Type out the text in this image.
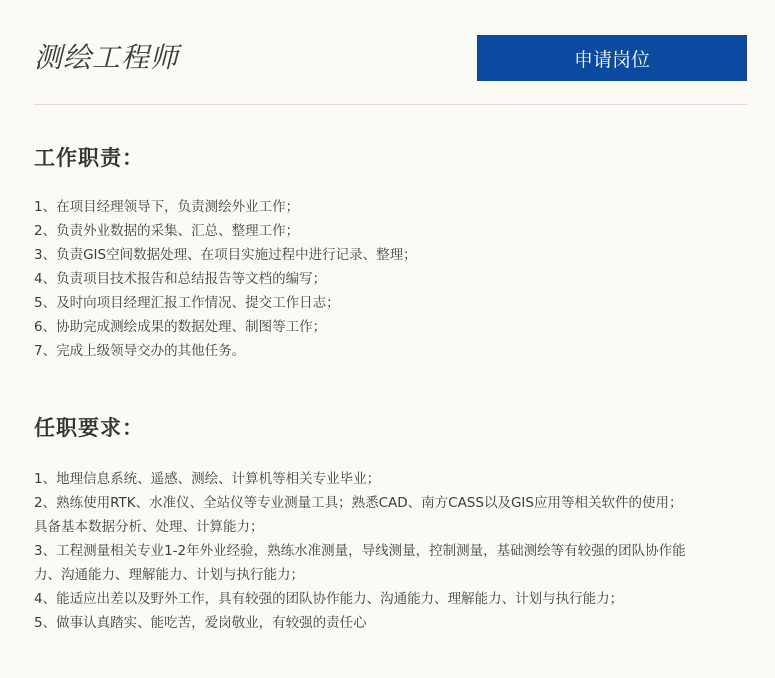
测绘工程师	申请岗位
工作职责：
1、在项目经理领导下，负责测绘外业工作；
2、负责外业数据的采集、汇总、整理工作；
3、负责GIS空间数据处理、在项目实施过程中进行记录、整理；
4、负责项目技术报告和总结报告等文档的编写；
5、及时向项目经理汇报工作情况、提交工作日志；
6、协助完成测绘成果的数据处理、制图等工作；
7、完成上级领导交办的其他任务。
任职要求：
1、地理信息系统、遥感、测绘、计算机等相关专业毕业；
2、熟练使用RTK、水准仪、全站仪等专业测量工具；熟悉CAD、南方CASS以及GIS应用等相关软件的使用；
具备基本数据分析、处理、计算能力；
3、工程测量相关专业1-2年外业经验，熟练水准测量，导线测量，控制测量，基础测绘等有较强的团队协作能
力、沟通能力、理解能力、计划与执行能力；
4、能适应出差以及野外工作，具有较强的团队协作能力、沟通能力、理解能力、计划与执行能力；
5、做事认真踏实、能吃苦，爱岗敬业，有较强的责任心
